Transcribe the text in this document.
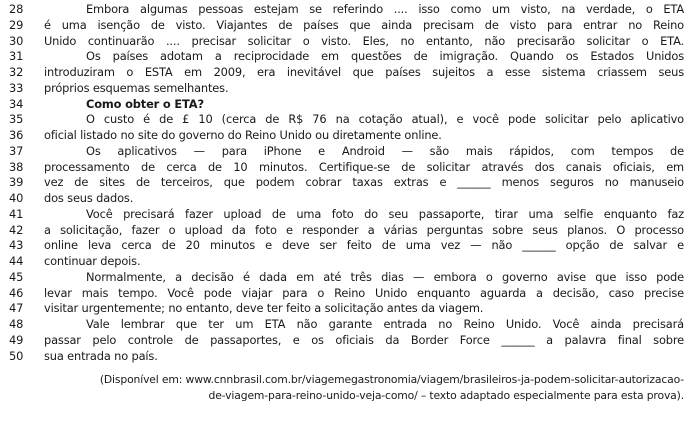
28	Embora algumas pessoas estejam se referindo .... isso como um visto, na verdade, o ETA
29	é uma isenção de visto. Viajantes de países que ainda precisam de visto para entrar no Reino
30	Unido continuarão .... precisar solicitar o visto. Eles, no entanto, não precisarão solicitar o ETA.
31	Os países adotam a reciprocidade em questões de imigração. Quando os Estados Unidos
32	introduziram o ESTA em 2009, era inevitável que países sujeitos a esse sistema criassem seus
33	próprios esquemas semelhantes.
34	Como obter o ETA?
35	O custo é de £ 10 (cerca de R$ 76 na cotação atual), e você pode solicitar pelo aplicativo
36	oficial listado no site do governo do Reino Unido ou diretamente online.
37	Os aplicativos — para iPhone e Android — são mais rápidos, com tempos de
38	processamento de cerca de 10 minutos. Certifique-se de solicitar através dos canais oficiais, em
39	vez de sites de terceiros, que podem cobrar taxas extras e ______ menos seguros no manuseio
40	dos seus dados.
41	Você precisará fazer upload de uma foto do seu passaporte, tirar uma selfie enquanto faz
42	a solicitação, fazer o upload da foto e responder a várias perguntas sobre seus planos. O processo
43	online leva cerca de 20 minutos e deve ser feito de uma vez — não ______ opção de salvar e
44	continuar depois.
45	Normalmente, a decisão é dada em até três dias — embora o governo avise que isso pode
46	levar mais tempo. Você pode viajar para o Reino Unido enquanto aguarda a decisão, caso precise
47	visitar urgentemente; no entanto, deve ter feito a solicitação antes da viagem.
48	Vale lembrar que ter um ETA não garante entrada no Reino Unido. Você ainda precisará
49	passar pelo controle de passaportes, e os oficiais da Border Force ______ a palavra final sobre
50	sua entrada no país.
(Disponível em: www.cnnbrasil.com.br/viagemegastronomia/viagem/brasileiros-ja-podem-solicitar-autorizacao-
de-viagem-para-reino-unido-veja-como/ – texto adaptado especialmente para esta prova).
